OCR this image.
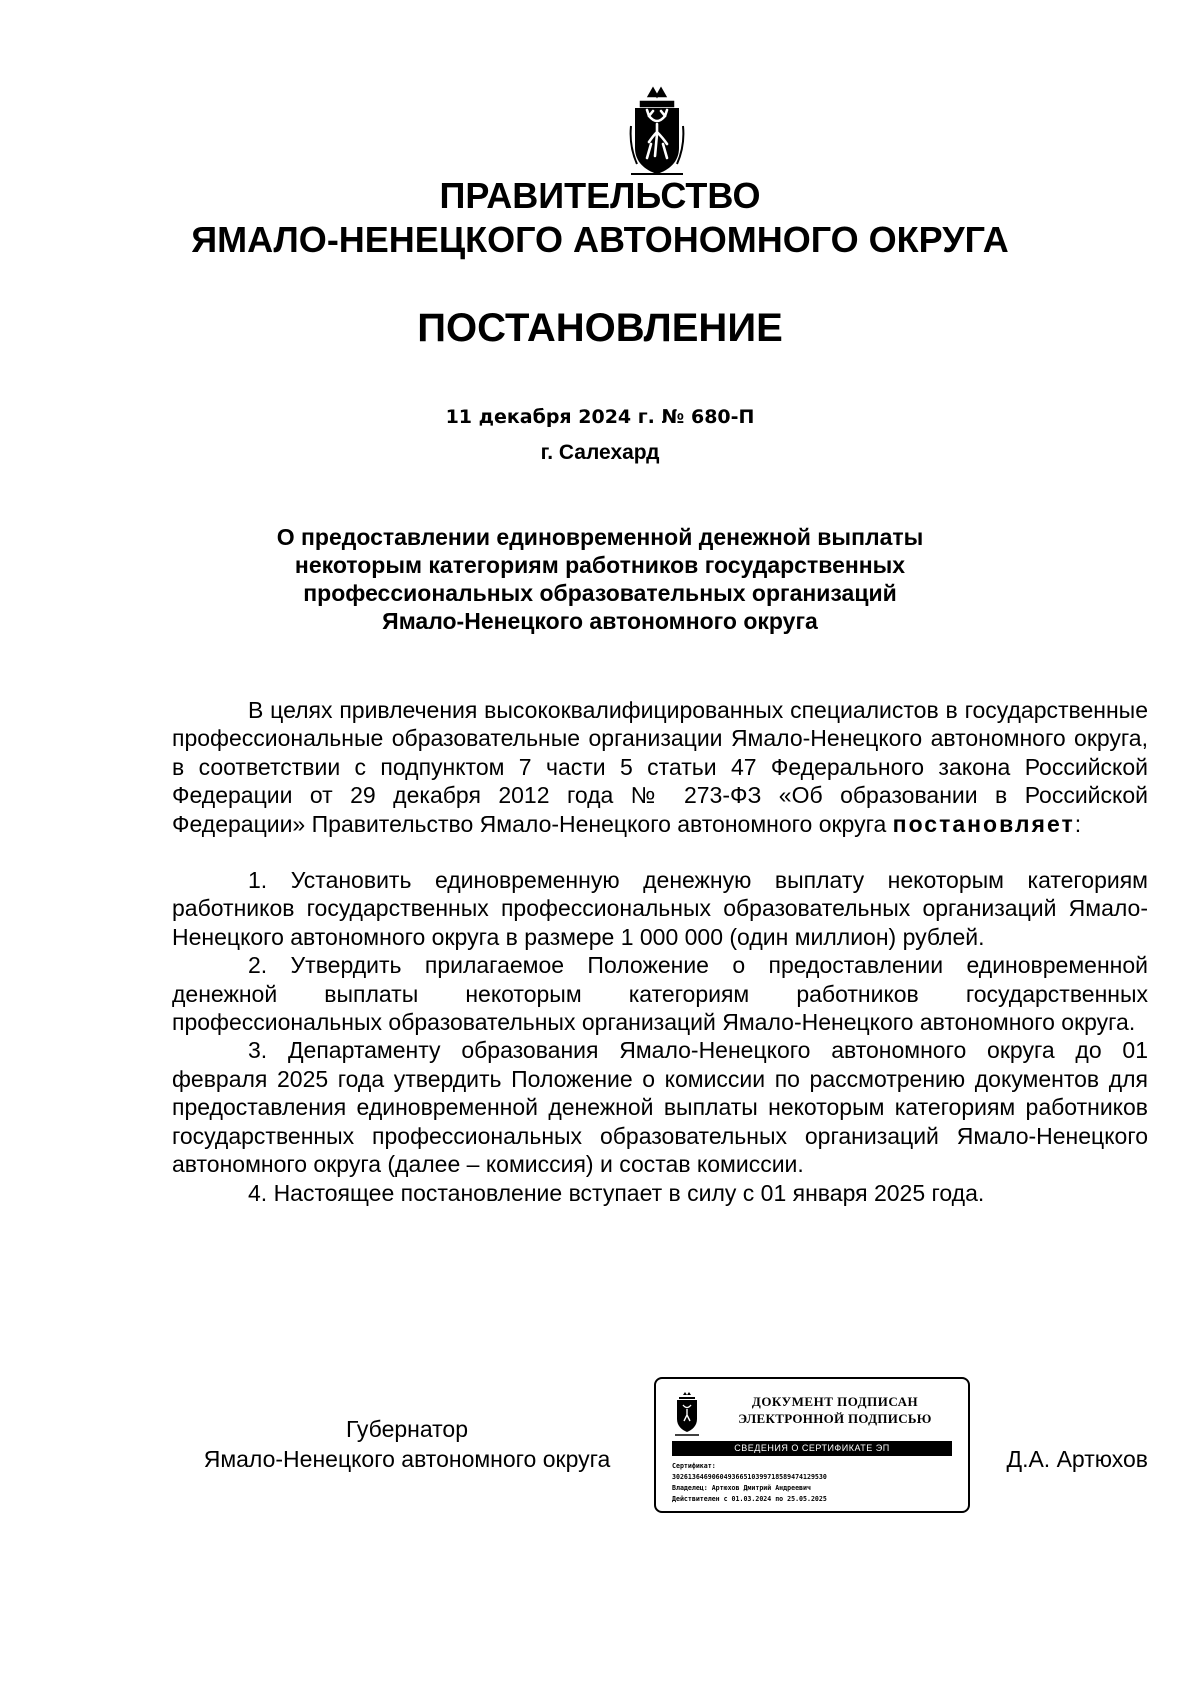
ПРАВИТЕЛЬСТВО
ЯМАЛО-НЕНЕЦКОГО АВТОНОМНОГО ОКРУГА
ПОСТАНОВЛЕНИЕ
11 декабря 2024 г. № 680-П
г. Салехард
О предоставлении единовременной денежной выплаты
некоторым категориям работников государственных
профессиональных образовательных организаций
Ямало-Ненецкого автономного округа

В целях привлечения высококвалифицированных специалистов в государственные профессиональные образовательные организации Ямало-Ненецкого автономного округа, в соответствии с подпунктом 7 части 5 статьи 47 Федерального закона Российской Федерации от 29 декабря 2012 года № 273-ФЗ «Об образовании в Российской Федерации» Правительство Ямало-Ненецкого автономного округа постановляет:

1. Установить единовременную денежную выплату некоторым категориям работников государственных профессиональных образовательных организаций Ямало-Ненецкого автономного округа в размере 1 000 000 (один миллион) рублей.

2. Утвердить прилагаемое Положение о предоставлении единовременной денежной выплаты некоторым категориям работников государственных профессиональных образовательных организаций Ямало-Ненецкого автономного округа.

3. Департаменту образования Ямало-Ненецкого автономного округа до 01 февраля 2025 года утвердить Положение о комиссии по рассмотрению документов для предоставления единовременной денежной выплаты некоторым категориям работников государственных профессиональных образовательных организаций Ямало-Ненецкого автономного округа (далее – комиссия) и состав комиссии.

4. Настоящее постановление вступает в силу с 01 января 2025 года.

Губернатор
Ямало-Ненецкого автономного округа
ДОКУМЕНТ ПОДПИСАН
ЭЛЕКТРОННОЙ ПОДПИСЬЮ
СВЕДЕНИЯ О СЕРТИФИКАТЕ ЭП
Сертификат:
302613646906049366510399718589474129530
Владелец: Артюхов Дмитрий Андреевич
Действителен с 01.03.2024 по 25.05.2025
Д.А. Артюхов
